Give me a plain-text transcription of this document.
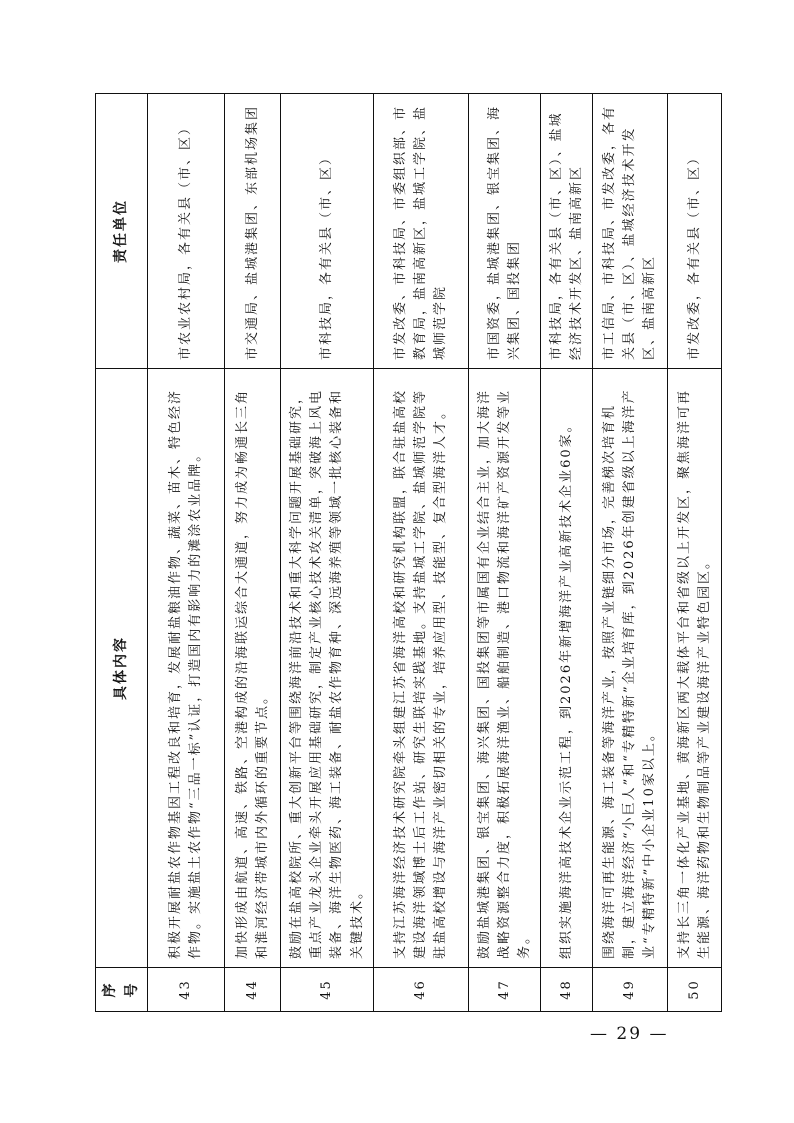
序号	具体内容	责任单位
43	积极开展耐盐农作物基因工程改良和培育，发展耐盐粮油作物、蔬菜、苗木、特色经济作物。实施盐土农作物“三品一标”认证，打造国内有影响力的滩涂农业品牌。	市农业农村局，各有关县（市、区）
44	加快形成由航道、高速、铁路、空港构成的沿海联运综合大通道，努力成为畅通长三角和淮河经济带城市内外循环的重要节点。	市交通局、盐城港集团、东部机场集团
45	鼓励在盐高校院所、重大创新平台等围绕海洋前沿技术和重大科学问题开展基础研究，重点产业龙头企业牵头开展应用基础研究，制定产业核心技术攻关清单，突破海上风电装备、海洋生物医药、海工装备、耐盐农作物育种、深远海养殖等领域一批核心装备和关键技术。	市科技局，各有关县（市、区）
46	支持江苏海洋经济技术研究院牵头组建江苏省海洋高校和研究机构联盟，联合驻盐高校建设海洋领域博士后工作站、研究生联培实践基地。支持盐城工学院、盐城师范学院等驻盐高校增设与海洋产业密切相关的专业，培养应用型、技能型、复合型海洋人才。	市发改委、市科技局、市委组织部、市教育局，盐南高新区，盐城工学院、盐城师范学院
47	鼓励盐城港集团、银宝集团、海兴集团、国投集团等市属国有企业结合主业，加大海洋战略资源整合力度，积极拓展海洋渔业、船舶制造、港口物流和海洋矿产资源开发等业务。	市国资委，盐城港集团、银宝集团、海兴集团、国投集团
48	组织实施海洋高技术企业示范工程，到2026年新增海洋产业高新技术企业60家。	市科技局，各有关县（市、区）、盐城经济技术开发区、盐南高新区
49	围绕海洋可再生能源、海工装备等海洋产业，按照产业链细分市场，完善梯次培育机制，建立海洋经济“小巨人”和“专精特新”企业培育库，到2026年创建省级以上海洋产业“专精特新”中小企业10家以上。	市工信局、市科技局、市发改委，各有关县（市、区）、盐城经济技术开发区、盐南高新区
50	支持长三角一体化产业基地、黄海新区两大载体平台和省级以上开发区，聚焦海洋可再生能源、海洋药物和生物制品等产业建设海洋产业特色园区。	市发改委，各有关县（市、区）
— 29 —
